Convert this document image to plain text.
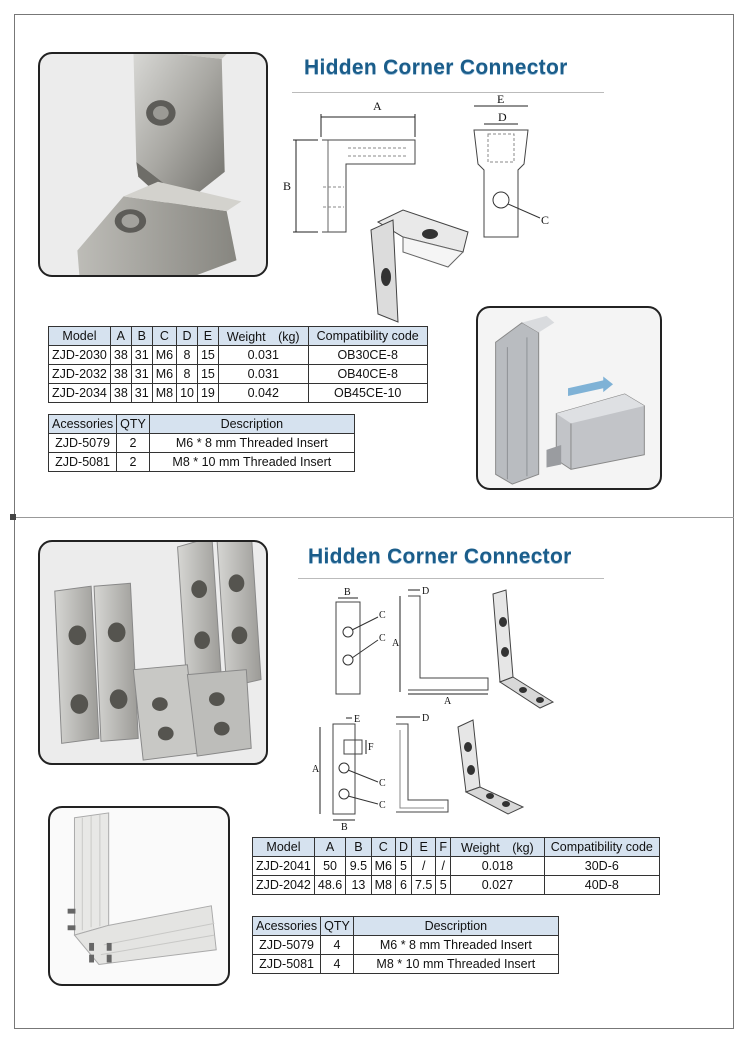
Hidden Corner Connector
A
B
E
D
C
Model	A	B	C	D	E	Weight　(kg)	Compatibility code
ZJD-2030	38	31	M6	8	15	0.031	OB30CE-8
ZJD-2032	38	31	M6	8	15	0.031	OB40CE-8
ZJD-2034	38	31	M8	10	19	0.042	OB45CE-10
Acessories	QTY	Description
ZJD-5079	2	M6 * 8 mm Threaded Insert
ZJD-5081	2	M8 * 10 mm Threaded Insert
Hidden Corner Connector
B
C
C
D
A
A
E
A
F
C
C
B
D
Model	A	B	C	D	E	F	Weight　(kg)	Compatibility code
ZJD-2041	50	9.5	M6	5	/	/	0.018	30D-6
ZJD-2042	48.6	13	M8	6	7.5	5	0.027	40D-8
Acessories	QTY	Description
ZJD-5079	4	M6 * 8 mm Threaded Insert
ZJD-5081	4	M8 * 10 mm Threaded Insert
